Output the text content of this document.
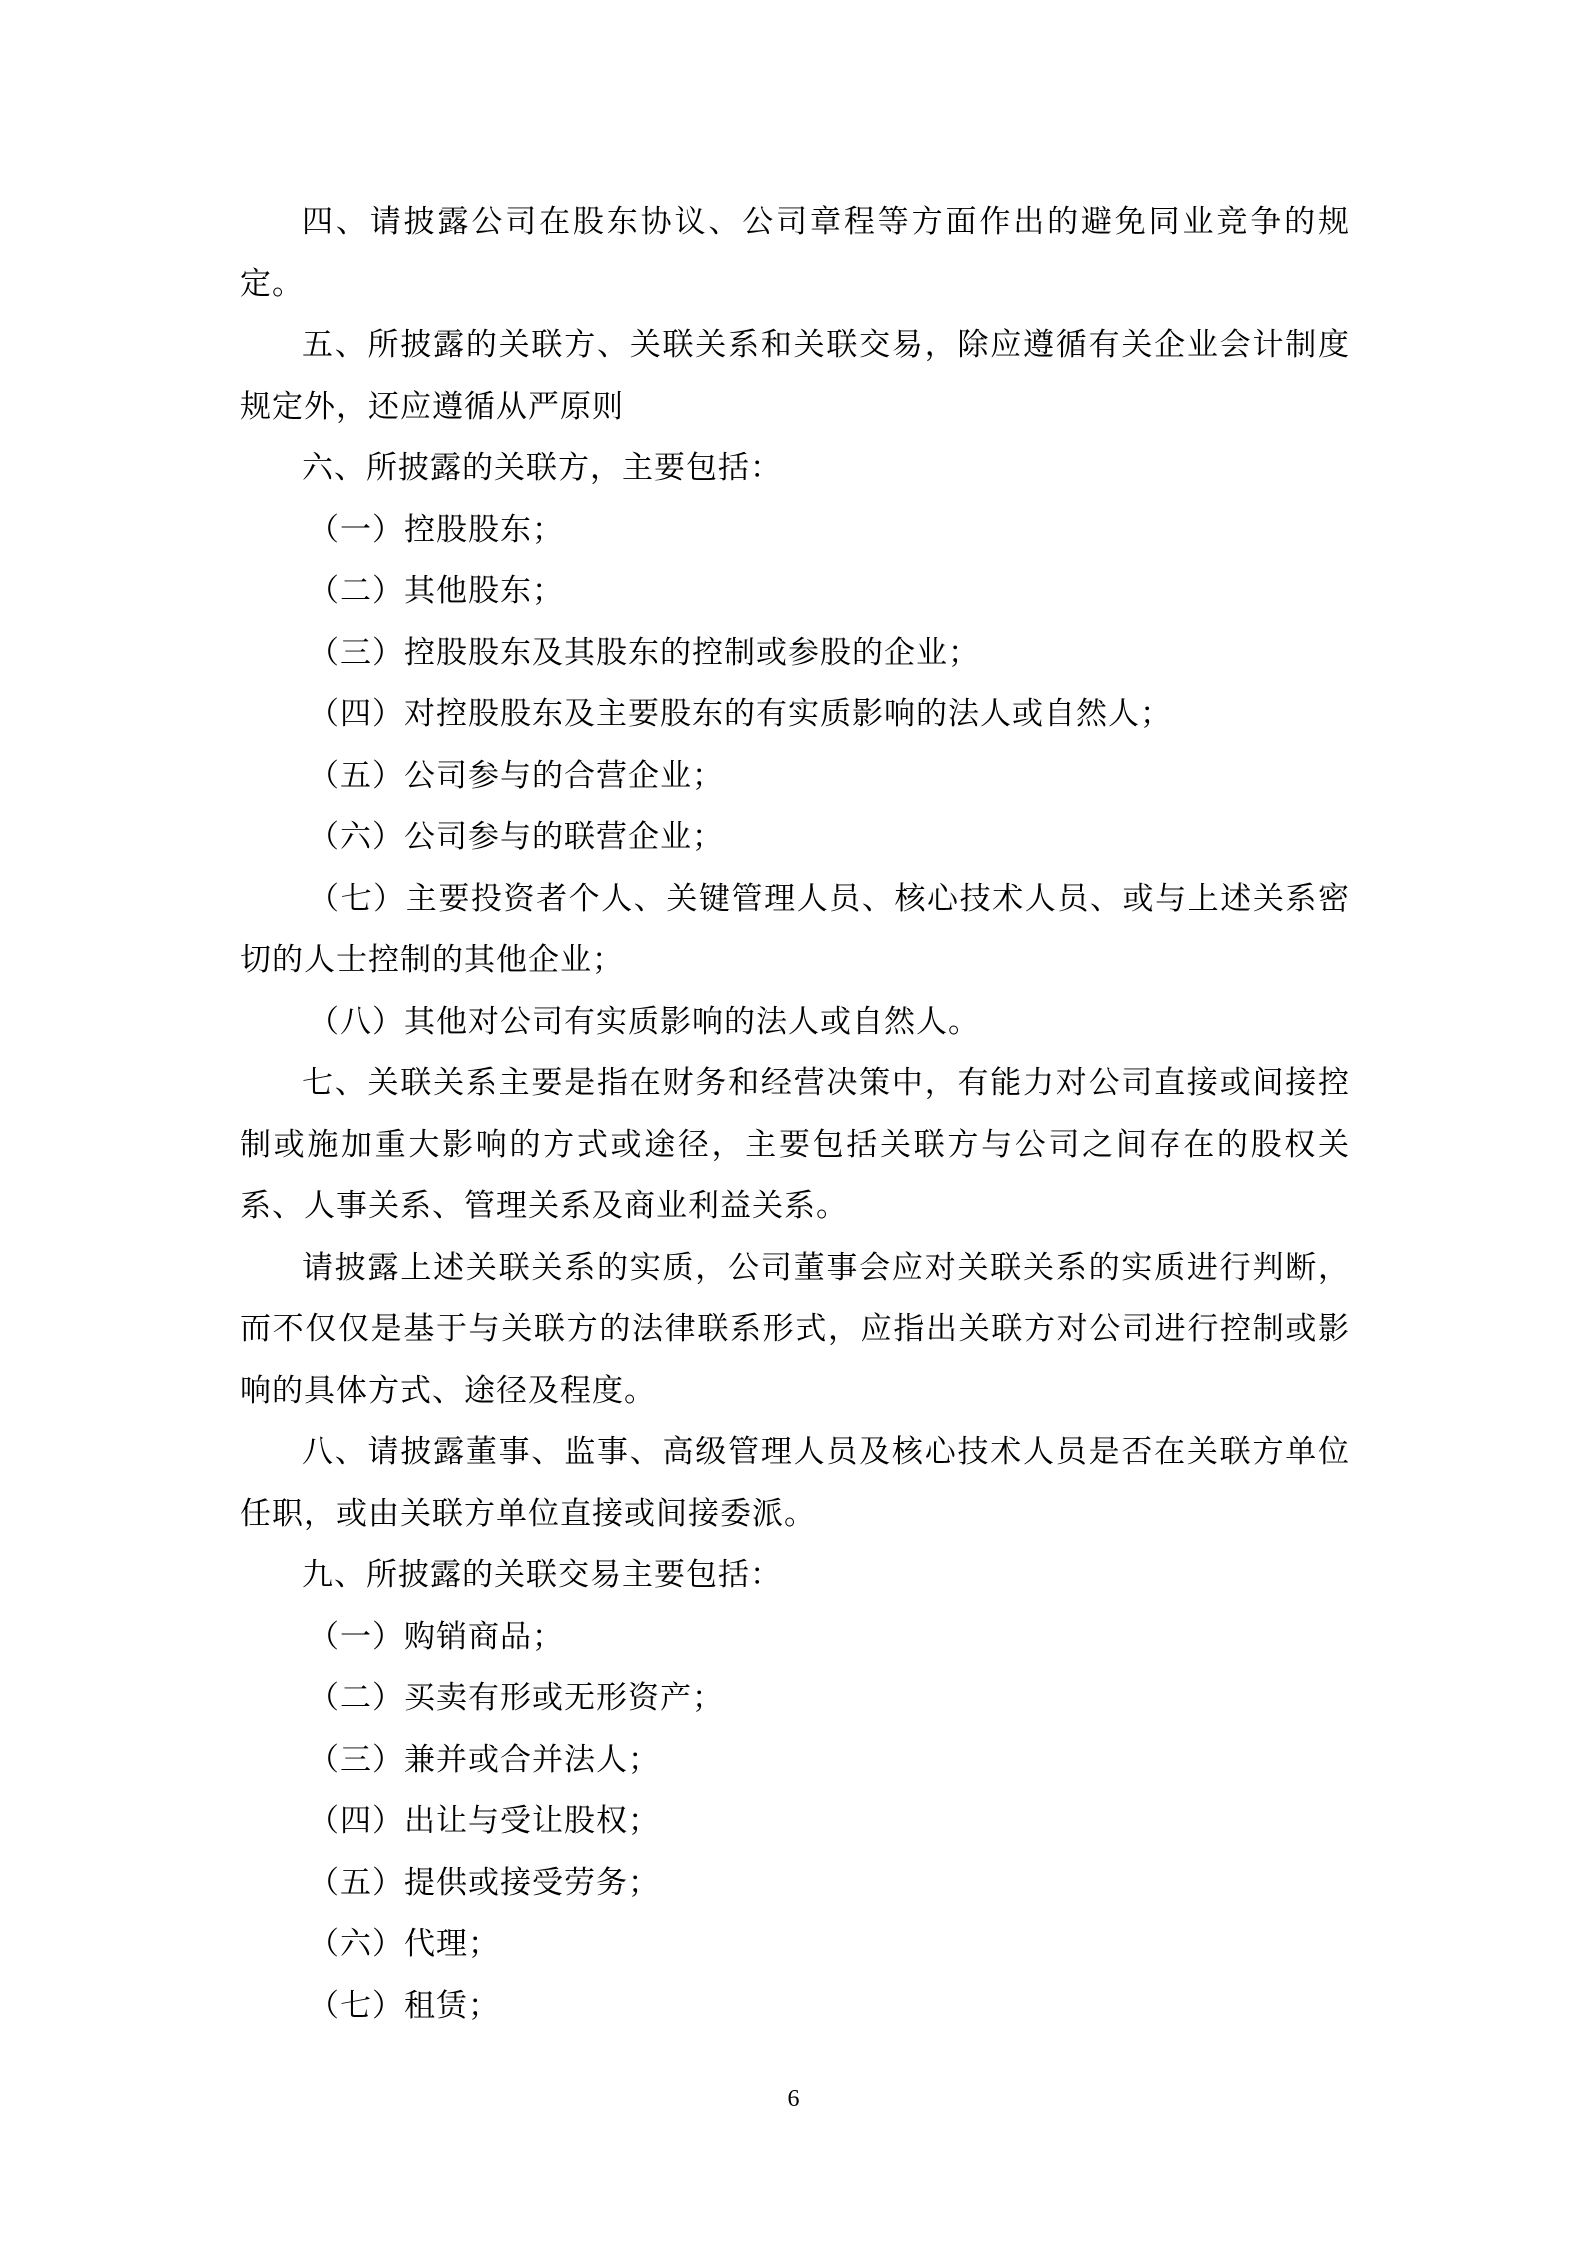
四、请披露公司在股东协议、公司章程等方面作出的避免同业竞争的规定。

五、所披露的关联方、关联关系和关联交易，除应遵循有关企业会计制度规定外，还应遵循从严原则

六、所披露的关联方，主要包括：

（一）控股股东；

（二）其他股东；

（三）控股股东及其股东的控制或参股的企业；

（四）对控股股东及主要股东的有实质影响的法人或自然人；

（五）公司参与的合营企业；

（六）公司参与的联营企业；

（七）主要投资者个人、关键管理人员、核心技术人员、或与上述关系密切的人士控制的其他企业；

（八）其他对公司有实质影响的法人或自然人。

七、关联关系主要是指在财务和经营决策中，有能力对公司直接或间接控制或施加重大影响的方式或途径，主要包括关联方与公司之间存在的股权关系、人事关系、管理关系及商业利益关系。

请披露上述关联关系的实质，公司董事会应对关联关系的实质进行判断，而不仅仅是基于与关联方的法律联系形式，应指出关联方对公司进行控制或影响的具体方式、途径及程度。

八、请披露董事、监事、高级管理人员及核心技术人员是否在关联方单位任职，或由关联方单位直接或间接委派。

九、所披露的关联交易主要包括：

（一）购销商品；

（二）买卖有形或无形资产；

（三）兼并或合并法人；

（四）出让与受让股权；

（五）提供或接受劳务；

（六）代理；

（七）租赁；

6
